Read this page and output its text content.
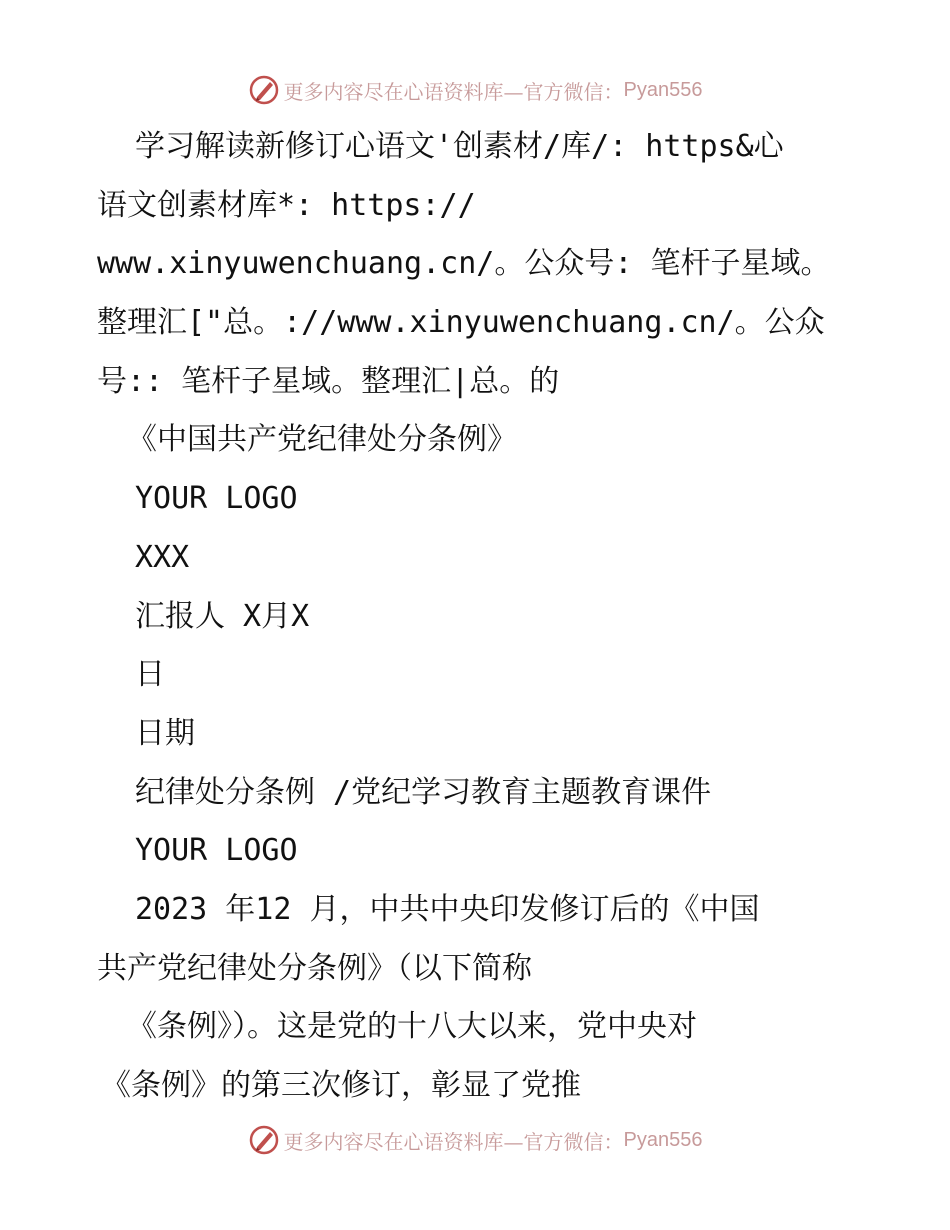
更多内容尽在心语资料库—官方微信： Pyan556
学习解读新修订心语文'创素材/库/: https&心
语文创素材库*: https://
www.xinyuwenchuang.cn/。公众号: 笔杆子星域。
整理汇["总。://www.xinyuwenchuang.cn/。公众
号:: 笔杆子星域。整理汇|总。的
《中国共产党纪律处分条例》
YOUR LOGO
XXX
汇报人 X月X
日
日期
纪律处分条例 /党纪学习教育主题教育课件
YOUR LOGO
2023 年12 月，中共中央印发修订后的《中国
共产党纪律处分条例》（以下简称
《条例》）。这是党的十八大以来，党中央对
《条例》的第三次修订，彰显了党推
更多内容尽在心语资料库—官方微信： Pyan556
